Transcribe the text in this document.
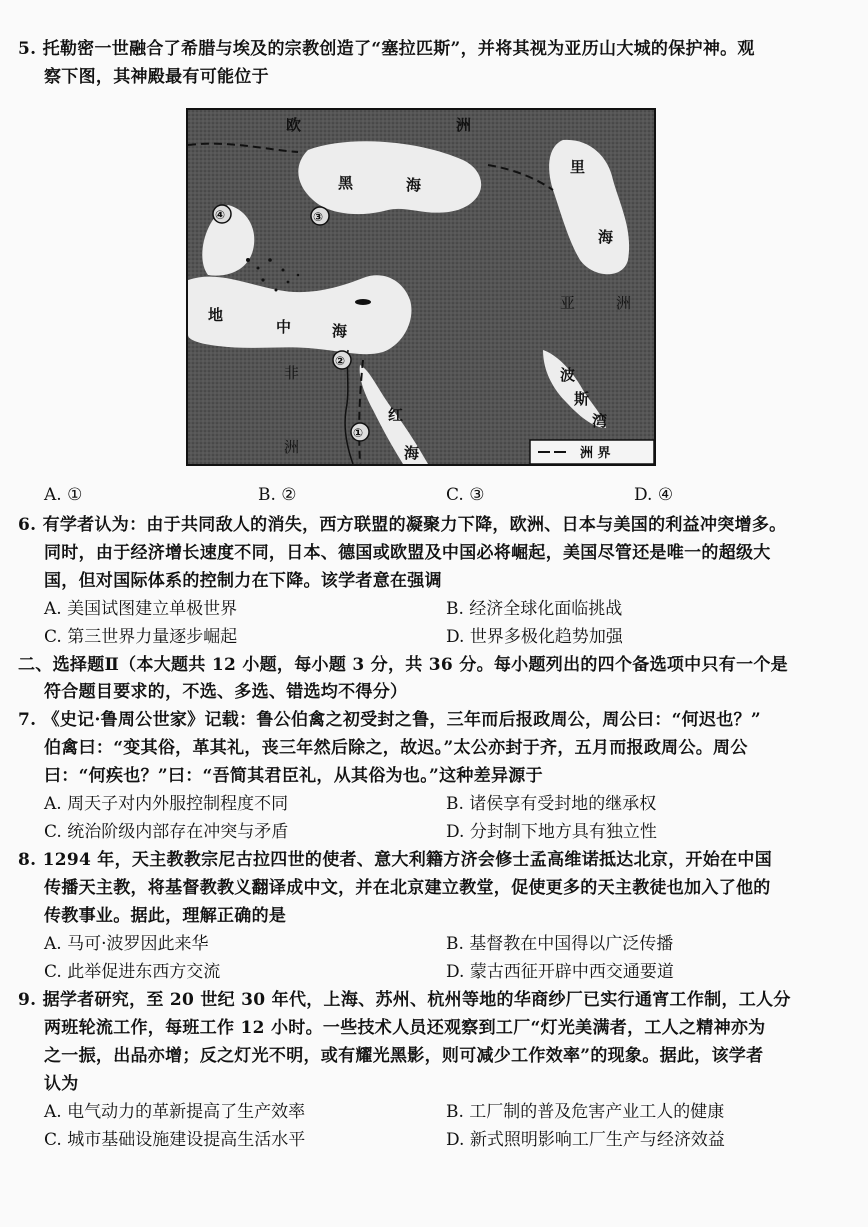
5. 托勒密一世融合了希腊与埃及的宗教创造了“塞拉匹斯”，并将其视为亚历山大城的保护神。观
察下图，其神殿最有可能位于
欧	洲
黑	海
里
海
亚	洲
地
中	海
非
洲
红
海
波
斯
湾
④	③
②
①
洲 界
A. ①	B. ②	C. ③	D. ④
6. 有学者认为：由于共同敌人的消失，西方联盟的凝聚力下降，欧洲、日本与美国的利益冲突增多。
同时，由于经济增长速度不同，日本、德国或欧盟及中国必将崛起，美国尽管还是唯一的超级大
国，但对国际体系的控制力在下降。该学者意在强调
A. 美国试图建立单极世界	B. 经济全球化面临挑战
C. 第三世界力量逐步崛起	D. 世界多极化趋势加强
二、选择题Ⅱ（本大题共 12 小题，每小题 3 分，共 36 分。每小题列出的四个备选项中只有一个是
符合题目要求的，不选、多选、错选均不得分）
7. 《史记·鲁周公世家》记载：鲁公伯禽之初受封之鲁，三年而后报政周公，周公曰：“何迟也？”
伯禽曰：“变其俗，革其礼，丧三年然后除之，故迟。”太公亦封于齐，五月而报政周公。周公
曰：“何疾也？”曰：“吾简其君臣礼，从其俗为也。”这种差异源于
A. 周天子对内外服控制程度不同	B. 诸侯享有受封地的继承权
C. 统治阶级内部存在冲突与矛盾	D. 分封制下地方具有独立性
8. 1294 年，天主教教宗尼古拉四世的使者、意大利籍方济会修士孟高维诺抵达北京，开始在中国
传播天主教，将基督教教义翻译成中文，并在北京建立教堂，促使更多的天主教徒也加入了他的
传教事业。据此，理解正确的是
A. 马可·波罗因此来华	B. 基督教在中国得以广泛传播
C. 此举促进东西方交流	D. 蒙古西征开辟中西交通要道
9. 据学者研究，至 20 世纪 30 年代，上海、苏州、杭州等地的华商纱厂已实行通宵工作制，工人分
两班轮流工作，每班工作 12 小时。一些技术人员还观察到工厂“灯光美满者，工人之精神亦为
之一振，出品亦增；反之灯光不明，或有耀光黑影，则可减少工作效率”的现象。据此，该学者
认为
A. 电气动力的革新提高了生产效率	B. 工厂制的普及危害产业工人的健康
C. 城市基础设施建设提高生活水平	D. 新式照明影响工厂生产与经济效益
